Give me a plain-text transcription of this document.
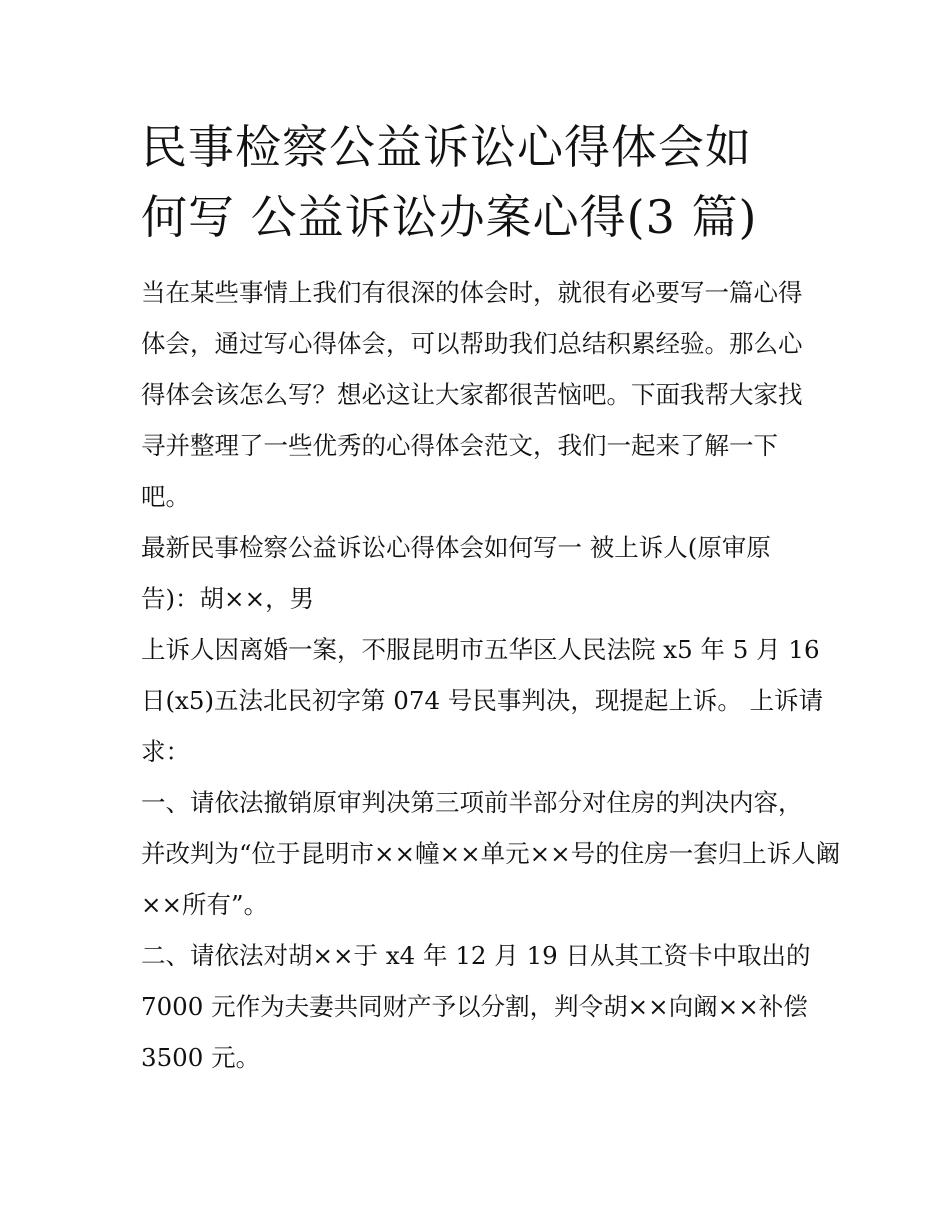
民事检察公益诉讼心得体会如
何写 公益诉讼办案心得(3 篇)
当在某些事情上我们有很深的体会时，就很有必要写一篇心得
体会，通过写心得体会，可以帮助我们总结积累经验。那么心
得体会该怎么写？想必这让大家都很苦恼吧。下面我帮大家找
寻并整理了一些优秀的心得体会范文，我们一起来了解一下
吧。
最新民事检察公益诉讼心得体会如何写一 被上诉人(原审原
告)：胡××，男
上诉人因离婚一案，不服昆明市五华区人民法院 x5 年 5 月 16
日(x5)五法北民初字第 074 号民事判决，现提起上诉。 上诉请
求：
一、请依法撤销原审判决第三项前半部分对住房的判决内容，
并改判为“位于昆明市××幢××单元××号的住房一套归上诉人阚
××所有”。
二、请依法对胡××于 x4 年 12 月 19 日从其工资卡中取出的
7000 元作为夫妻共同财产予以分割，判令胡××向阚××补偿
3500 元。
